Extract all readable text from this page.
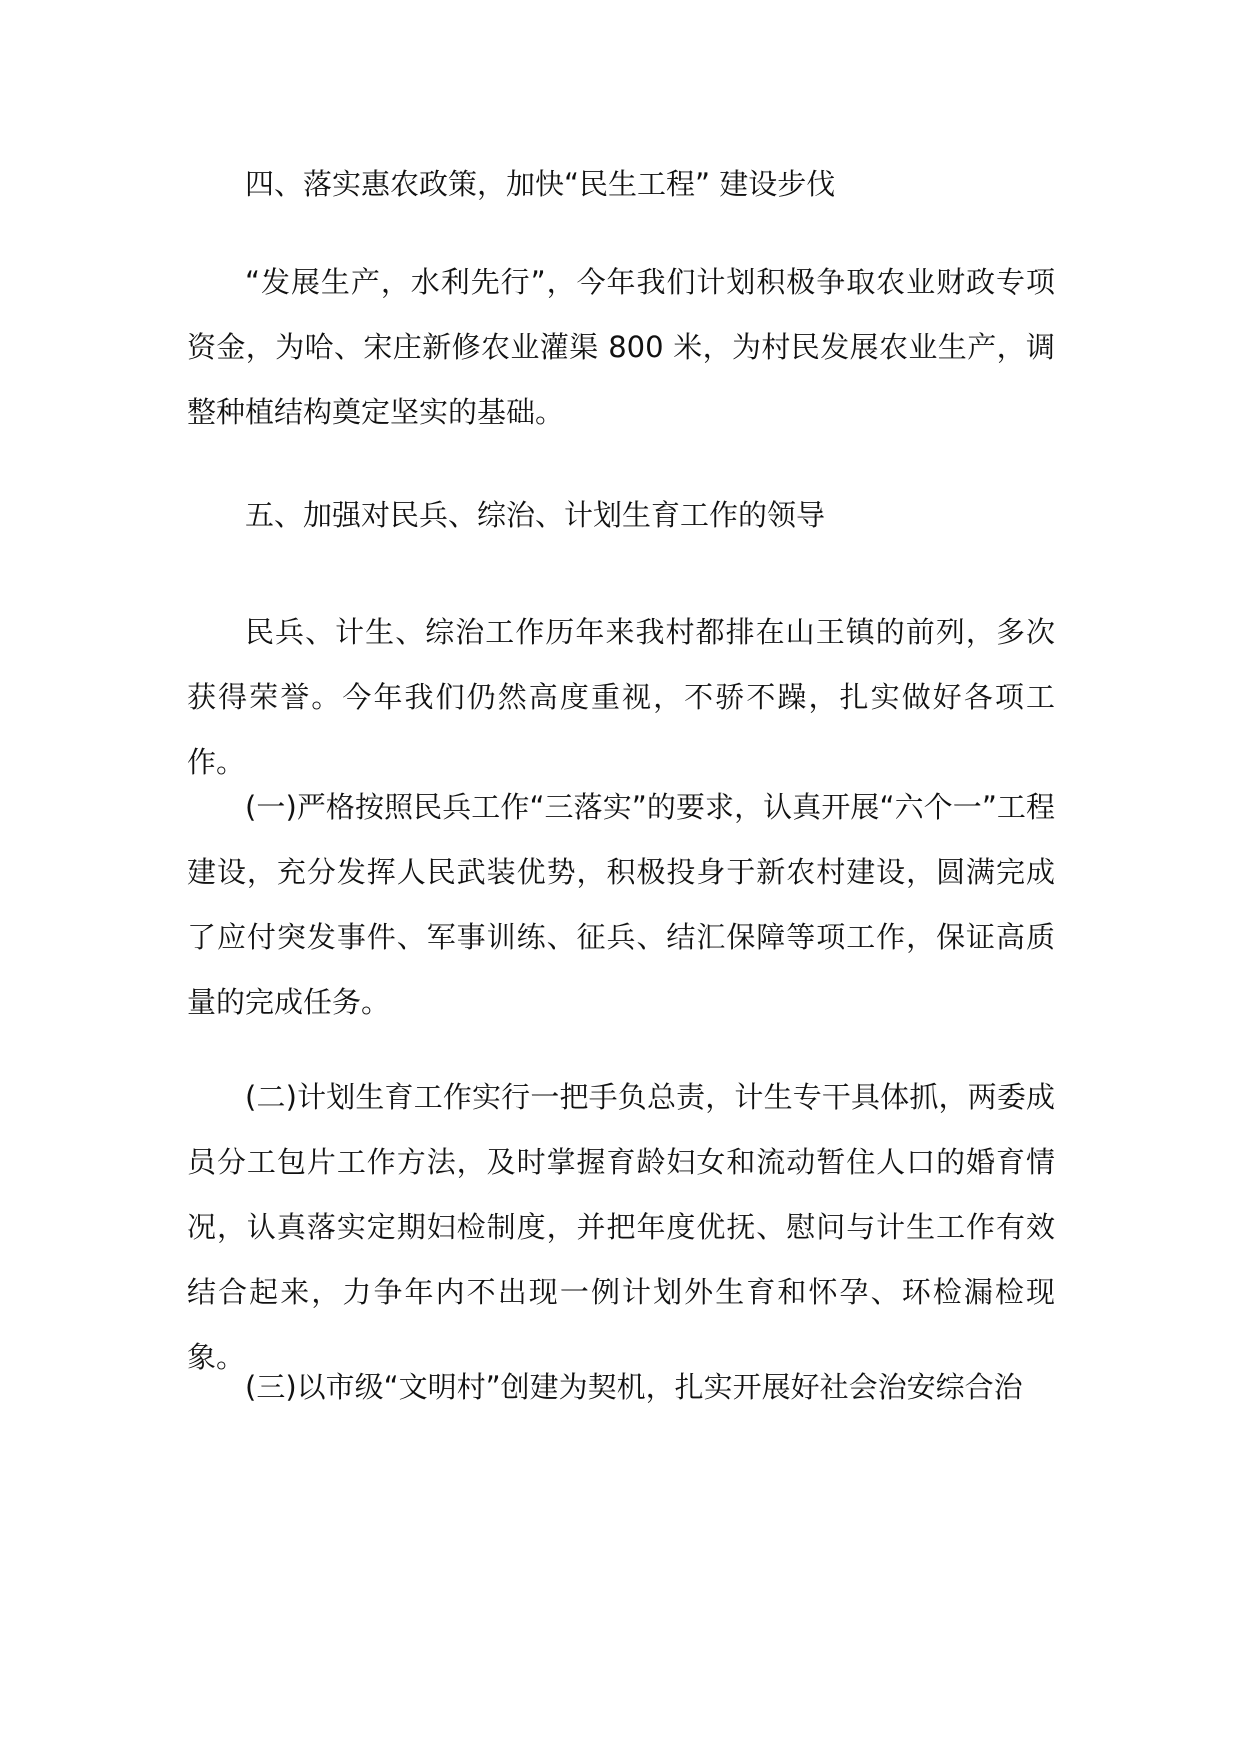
四、落实惠农政策，加快“民生工程” 建设步伐

“发展生产，水利先行”，今年我们计划积极争取农业财政专项资金，为哈、宋庄新修农业灌渠 800 米，为村民发展农业生产，调整种植结构奠定坚实的基础。

五、加强对民兵、综治、计划生育工作的领导

民兵、计生、综治工作历年来我村都排在山王镇的前列，多次获得荣誉。今年我们仍然高度重视，不骄不躁，扎实做好各项工作。

(一)严格按照民兵工作“三落实”的要求，认真开展“六个一”工程建设，充分发挥人民武装优势，积极投身于新农村建设，圆满完成了应付突发事件、军事训练、征兵、结汇保障等项工作，保证高质量的完成任务。

(二)计划生育工作实行一把手负总责，计生专干具体抓，两委成员分工包片工作方法，及时掌握育龄妇女和流动暂住人口的婚育情况，认真落实定期妇检制度，并把年度优抚、慰问与计生工作有效结合起来，力争年内不出现一例计划外生育和怀孕、环检漏检现象。

(三)以市级“文明村”创建为契机，扎实开展好社会治安综合治
